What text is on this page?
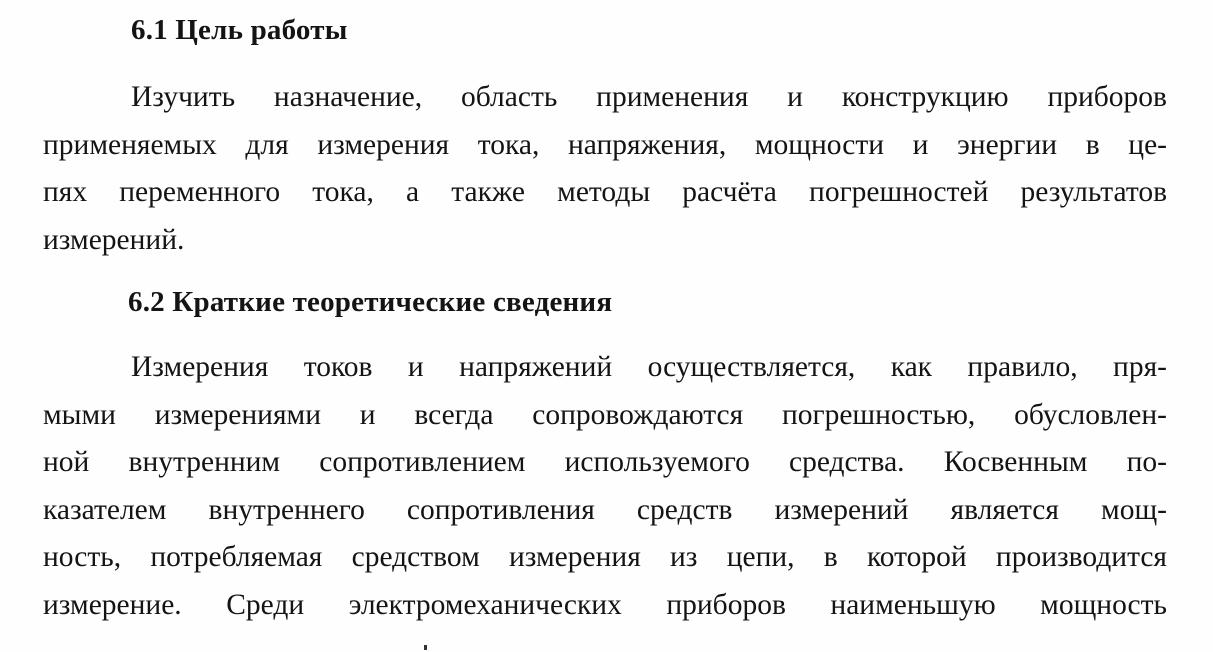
6.1 Цель работы
Изучить назначение, область применения и конструкцию приборов
применяемых для измерения тока, напряжения, мощности и энергии в це-
пях переменного тока, а также методы расчёта погрешностей результатов
измерений.
6.2 Краткие теоретические сведения
Измерения токов и напряжений осуществляется, как правило, пря-
мыми измерениями и всегда сопровождаются погрешностью, обусловлен-
ной внутренним сопротивлением используемого средства. Косвенным по-
казателем внутреннего сопротивления средств измерений является мощ-
ность, потребляемая средством измерения из цепи, в которой производится
измерение. Среди электромеханических приборов наименьшую мощность
